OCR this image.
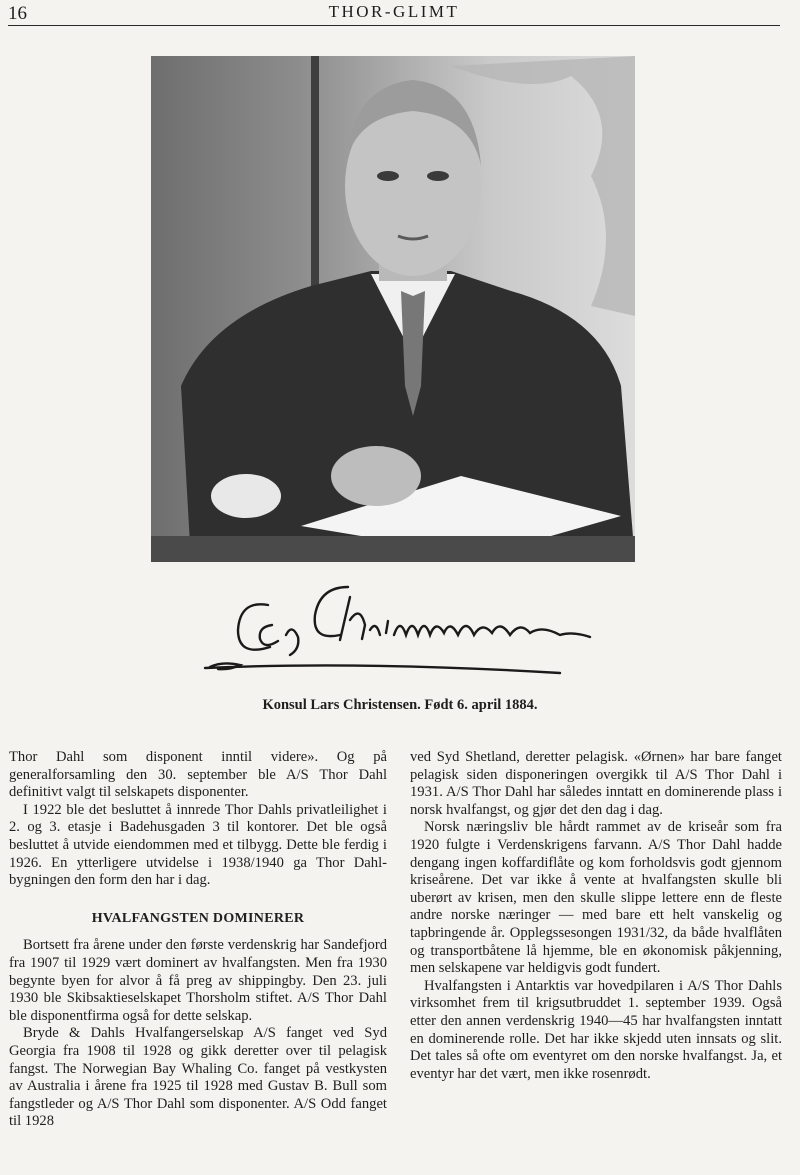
16	THOR-GLIMT
Konsul Lars Christensen. Født 6. april 1884.

Thor Dahl som disponent inntil videre». Og på generalforsamling den 30. september ble A/S Thor Dahl definitivt valgt til selskapets disponenter.

I 1922 ble det besluttet å innrede Thor Dahls privatleilighet i 2. og 3. etasje i Badehusgaden 3 til kontorer. Det ble også besluttet å utvide eiendommen med et tilbygg. Dette ble ferdig i 1926. En ytterligere utvidelse i 1938/1940 ga Thor Dahl-bygningen den form den har i dag.

HVALFANGSTEN DOMINERER

Bortsett fra årene under den første verdenskrig har Sandefjord fra 1907 til 1929 vært dominert av hvalfangsten. Men fra 1930 begynte byen for alvor å få preg av shippingby. Den 23. juli 1930 ble Skibsaktieselskapet Thorsholm stiftet. A/S Thor Dahl ble disponentfirma også for dette selskap.

Bryde & Dahls Hvalfangerselskap A/S fanget ved Syd Georgia fra 1908 til 1928 og gikk deretter over til pelagisk fangst. The Norwegian Bay Whaling Co. fanget på vestkysten av Australia i årene fra 1925 til 1928 med Gustav B. Bull som fangstleder og A/S Thor Dahl som disponenter. A/S Odd fanget til 1928

ved Syd Shetland, deretter pelagisk. «Ørnen» har bare fanget pelagisk siden disponeringen overgikk til A/S Thor Dahl i 1931. A/S Thor Dahl har således inntatt en dominerende plass i norsk hvalfangst, og gjør det den dag i dag.

Norsk næringsliv ble hårdt rammet av de kriseår som fra 1920 fulgte i Verdenskrigens farvann. A/S Thor Dahl hadde dengang ingen koffardiflåte og kom forholdsvis godt gjennom kriseårene. Det var ikke å vente at hvalfangsten skulle bli uberørt av krisen, men den skulle slippe lettere enn de fleste andre norske næringer — med bare ett helt vanskelig og tapbringende år. Opplegssesongen 1931/32, da både hvalflåten og transportbåtene lå hjemme, ble en økonomisk påkjenning, men selskapene var heldigvis godt fundert.

Hvalfangsten i Antarktis var hovedpilaren i A/S Thor Dahls virksomhet frem til krigsutbruddet 1. september 1939. Også etter den annen verdenskrig 1940—45 har hvalfangsten inntatt en dominerende rolle. Det har ikke skjedd uten innsats og slit. Det tales så ofte om eventyret om den norske hvalfangst. Ja, et eventyr har det vært, men ikke rosenrødt.
